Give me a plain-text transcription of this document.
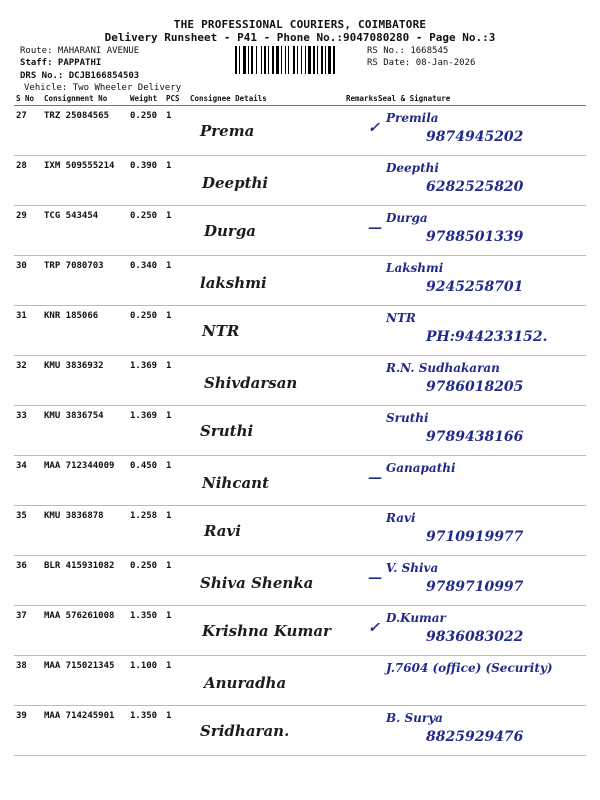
THE PROFESSIONAL COURIERS, COIMBATORE
Delivery Runsheet - P41 - Phone No.:9047080280 - Page No.:3
Route: MAHARANI AVENUE
Staff: PAPPATHI
DRS No.: DCJB166854503
Vehicle: Two Wheeler Delivery
RS No.: 1668545
RS Date: 08-Jan-2026
S No	Consignment No	Weight	PCS	Consignee Details	Remarks	Seal & Signature
27	TRZ 25084565	0.250	1	Prema	✓	Premila
9874945202

28	IXM 509555214	0.390	1	Deepthi		Deepthi
6282525820

29	TCG 543454	0.250	1	Durga	—	Durga
9788501339

30	TRP 7080703	0.340	1	lakshmi		Lakshmi
9245258701

31	KNR 185066	0.250	1	NTR		NTR
PH:944233152.

32	KMU 3836932	1.369	1	Shivdarsan		R.N. Sudhakaran
9786018205

33	KMU 3836754	1.369	1	Sruthi		Sruthi
9789438166

34	MAA 712344009	0.450	1	Nihcant	—	Ganapathi

35	KMU 3836878	1.258	1	Ravi		Ravi
9710919977

36	BLR 415931082	0.250	1	Shiva Shenka	—	V. Shiva
9789710997

37	MAA 576261008	1.350	1	Krishna Kumar	✓	D.Kumar
9836083022

38	MAA 715021345	1.100	1	Anuradha		J.7604 (office) (Security)

39	MAA 714245901	1.350	1	Sridharan.		B. Surya
8825929476
